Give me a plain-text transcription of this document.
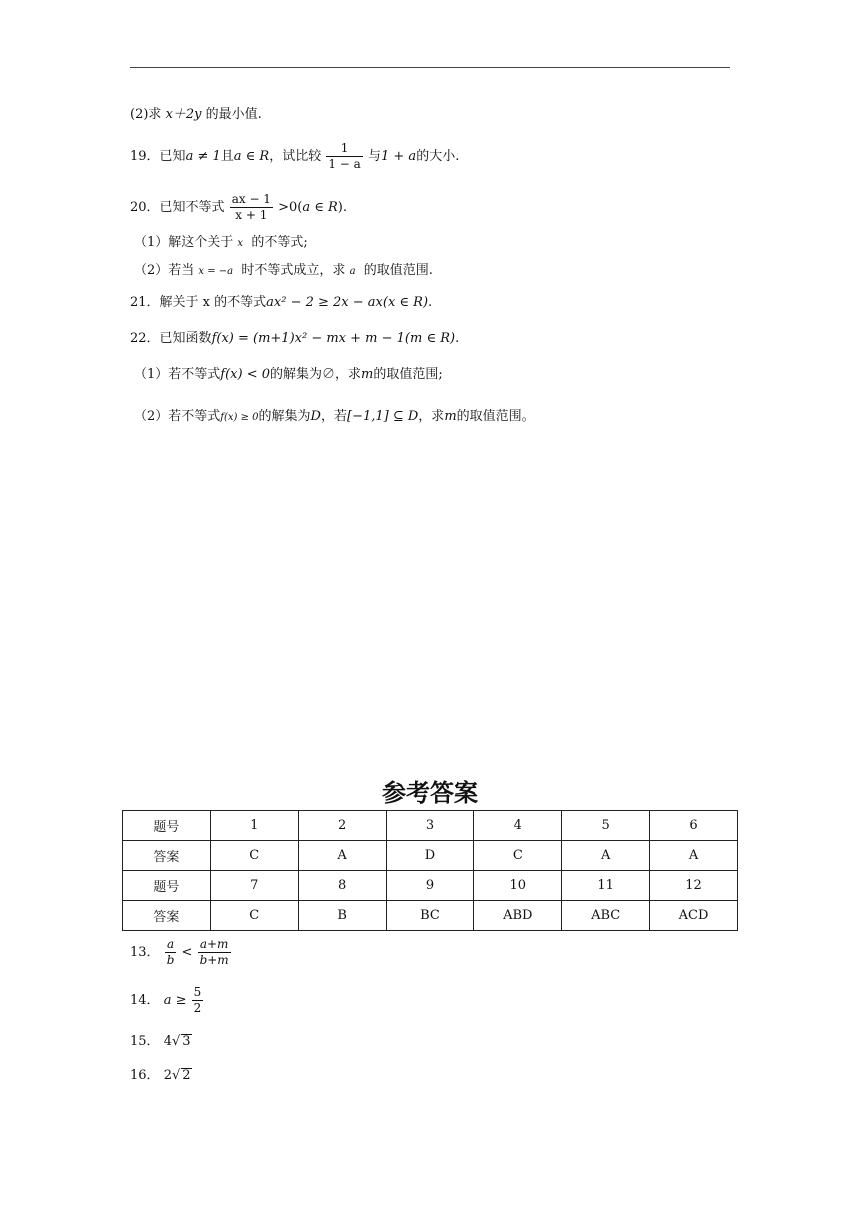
(2)求 x＋2y 的最小值.
19．已知a ≠ 1且a ∈ R，试比较 $\frac{1}{1 - a}$ 与1 + a的大小.
20．已知不等式 $\frac{ax - 1}{x + 1} >0(a$ ∈ R).
（1）解这个关于 x 的不等式;
（2）若当 x = −a 时不等式成立，求 a 的取值范围.
21．解关于 x 的不等式ax² − 2 ≥ 2x − ax(x ∈ R).
22．已知函数f(x) = (m+1)x² − mx + m − 1(m ∈ R).
（1）若不等式f(x) < 0的解集为∅，求m的取值范围;
（2）若不等式f(x) ≥ 0的解集为D，若[−1,1] ⊆ D，求m的取值范围。
参考答案
题号	1	2	3	4	5	6
答案	C	A	D	C	A	A
题号	7	8	9	10	11	12
答案	C	B	BC	ABD	ABC	ACD
13． $\frac{a}{b} < \frac{a+m}{b+m}$
14． $a \ge \frac{5}{2}$
15． 4√ 3
16． 2√ 2
